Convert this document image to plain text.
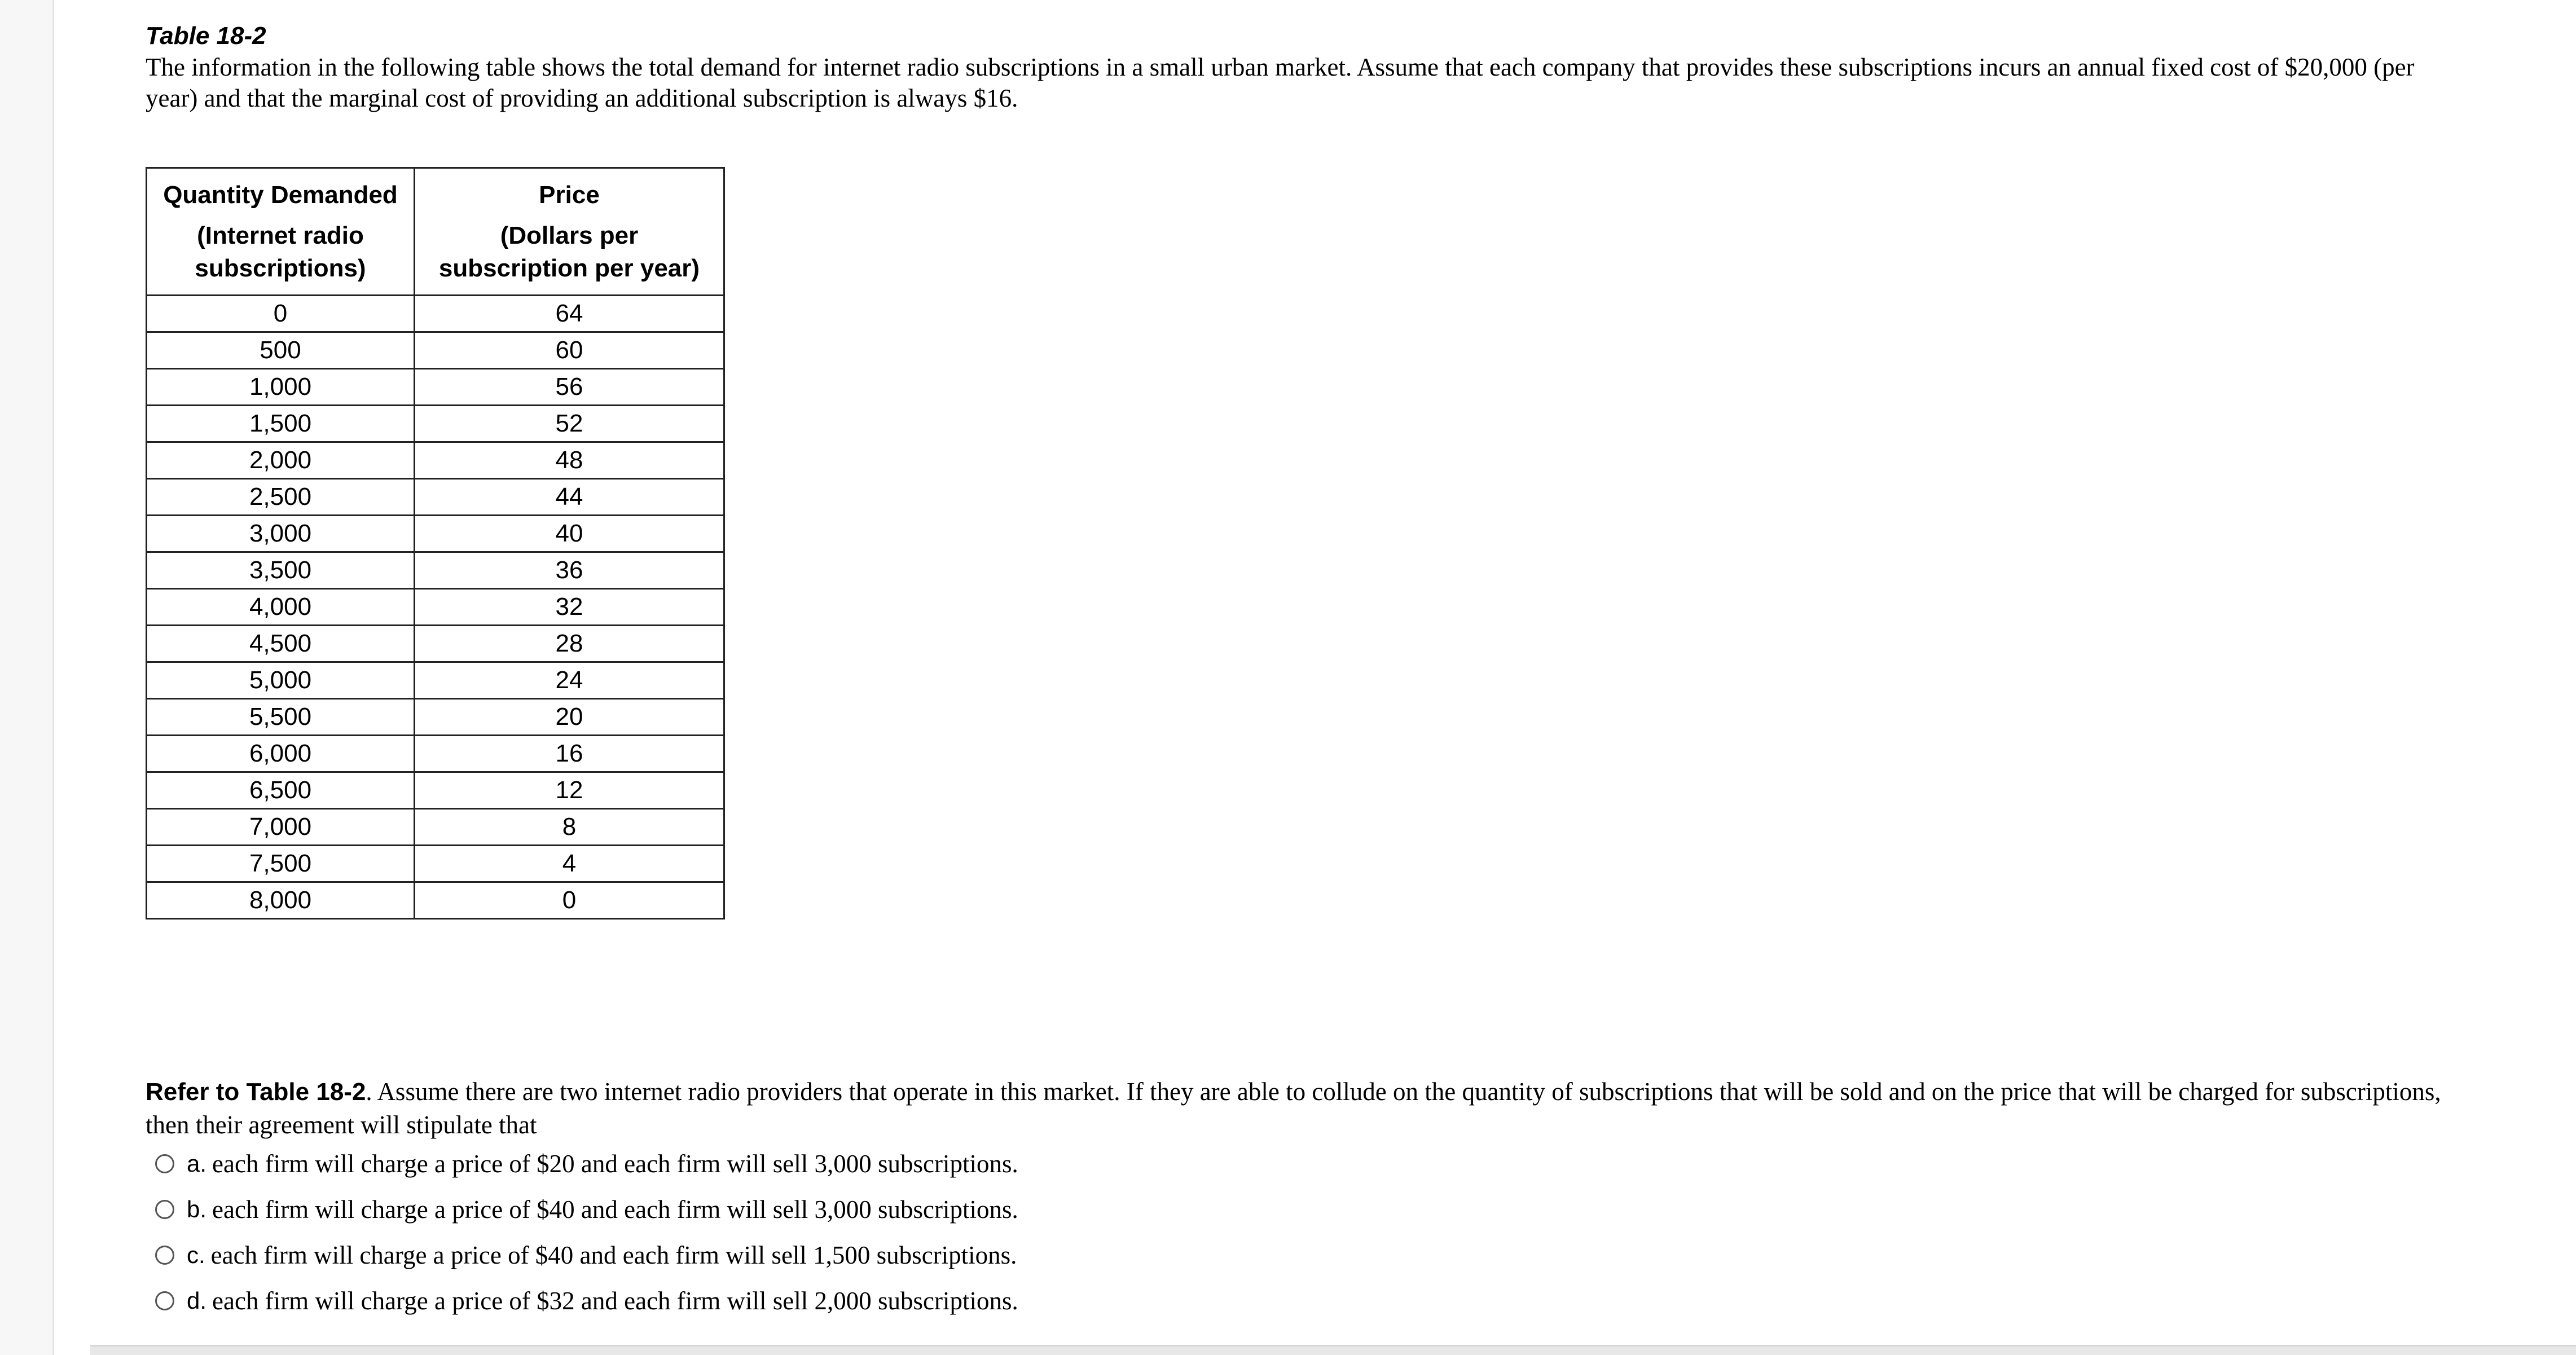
Table 18-2

The information in the following table shows the total demand for internet radio subscriptions in a small urban market. Assume that each company that provides these subscriptions incurs an annual fixed cost of $20,000 (per year) and that the marginal cost of providing an additional subscription is always $16.

Quantity Demanded
(Internet radio
subscriptions)	Price
(Dollars per
subscription per year)

0	64
500	60
1,000	56
1,500	52
2,000	48
2,500	44
3,000	40
3,500	36
4,000	32
4,500	28
5,000	24
5,500	20
6,000	16
6,500	12
7,000	8
7,500	4
8,000	0

Refer to Table 18-2. Assume there are two internet radio providers that operate in this market. If they are able to collude on the quantity of subscriptions that will be sold and on the price that will be charged for subscriptions, then their agreement will stipulate that

a. each firm will charge a price of $20 and each firm will sell 3,000 subscriptions.
b. each firm will charge a price of $40 and each firm will sell 3,000 subscriptions.
c. each firm will charge a price of $40 and each firm will sell 1,500 subscriptions.
d. each firm will charge a price of $32 and each firm will sell 2,000 subscriptions.
